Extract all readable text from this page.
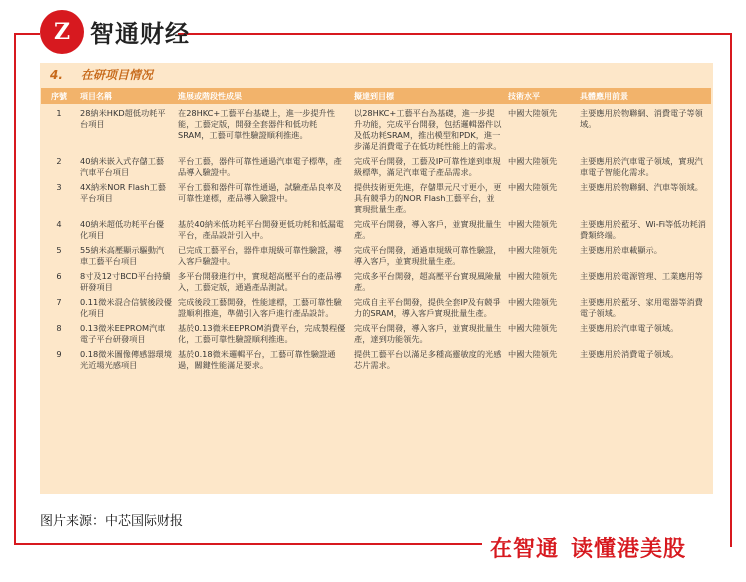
Z 智通财经
4. 在研项目情况
序號	項目名稱	進展或階段性成果	擬達到目標	技術水平	具體應用前景
1	28納米HKD超低功耗平台項目	在28HKC+工藝平台基礎上，進一步提升性能，工藝定版，開發全套器件和低功耗SRAM，工藝可靠性驗證順利推進。	以28HKC+工藝平台為基礎，進一步提升功能，完成平台開發，包括邏輯器件以及低功耗SRAM，推出模型和PDK，進一步滿足消費電子在低功耗性能上的需求。	中國大陸領先	主要應用於物聯網、消費電子等領域。
2	40納米嵌入式存儲工藝汽車平台項目	平台工藝，器件可靠性通過汽車電子標準，產品導入驗證中。	完成平台開發，工藝及IP可靠性達到車規級標準，滿足汽車電子產品需求。	中國大陸領先	主要應用於汽車電子領域，實現汽車電子智能化需求。
3	4X納米NOR Flash工藝平台項目	平台工藝和器件可靠性通過，試驗產品良率及可靠性達標，產品導入驗證中。	提供技術更先進，存儲單元尺寸更小，更具有競爭力的NOR Flash工藝平台，並實現批量生產。	中國大陸領先	主要應用於物聯網、汽車等領域。
4	40納米超低功耗平台優化項目	基於40納米低功耗平台開發更低功耗和低漏電平台，產品設計引入中。	完成平台開發，導入客戶，並實現批量生產。	中國大陸領先	主要應用於藍牙、Wi-Fi等低功耗消費類終端。
5	55納米高壓顯示驅動汽車工藝平台項目	已完成工藝平台，器件車規級可靠性驗證，導入客戶驗證中。	完成平台開發，通過車規級可靠性驗證，導入客戶，並實現批量生產。	中國大陸領先	主要應用於車載顯示。
6	8寸及12寸BCD平台持續研發項目	多平台開發進行中，實現超高壓平台的產品導入，工藝定版，通過產品測試。	完成多平台開發，超高壓平台實現風險量產。	中國大陸領先	主要應用於電源管理、工業應用等
7	0.11微米混合信號後段優化項目	完成後段工藝開發，性能達標，工藝可靠性驗證順利推進，準備引入客戶進行產品設計。	完成自主平台開發，提供全套IP及有競爭力的SRAM，導入客戶實現批量生產。	中國大陸領先	主要應用於藍牙、家用電器等消費電子領域。
8	0.13微米EEPROM汽車電子平台研發項目	基於0.13微米EEPROM消費平台，完成製程優化，工藝可靠性驗證順利推進。	完成平台開發，導入客戶，並實現批量生產，達到功能領先。	中國大陸領先	主要應用於汽車電子領域。
9	0.18微米圖像傳感器環境光近場光感項目	基於0.18微米邏輯平台，工藝可靠性驗證通過，關鍵性能滿足要求。	提供工藝平台以滿足多種高靈敏度的光感芯片需求。	中國大陸領先	主要應用於消費電子領域。
图片来源：中芯国际财报
在智通 读懂港美股
